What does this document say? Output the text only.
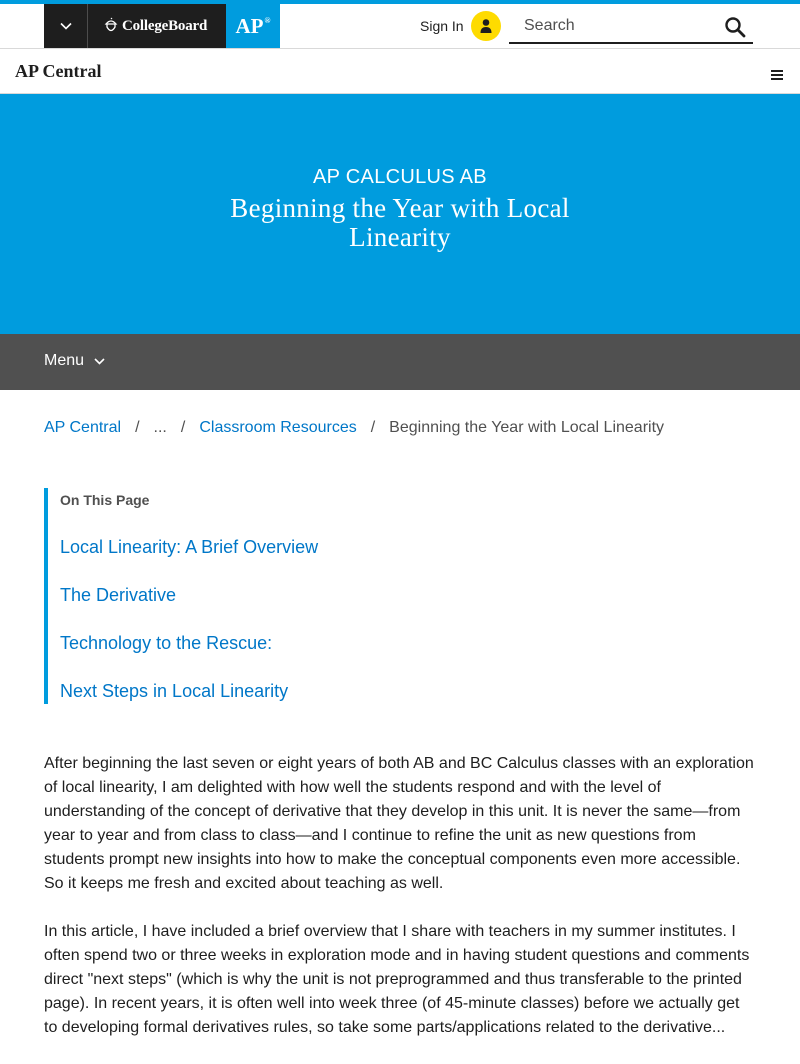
CollegeBoard AP®	Sign In
Search
AP Central
AP CALCULUS AB
Beginning the Year with Local Linearity
Menu
AP Central / ... / Classroom Resources / Beginning the Year with Local Linearity
On This Page
Local Linearity: A Brief Overview
The Derivative
Technology to the Rescue:
Next Steps in Local Linearity

After beginning the last seven or eight years of both AB and BC Calculus classes with an exploration of local linearity, I am delighted with how well the students respond and with the level of understanding of the concept of derivative that they develop in this unit. It is never the same—from year to year and from class to class—and I continue to refine the unit as new questions from students prompt new insights into how to make the conceptual components even more accessible. So it keeps me fresh and excited about teaching as well.

In this article, I have included a brief overview that I share with teachers in my summer institutes. I often spend two or three weeks in exploration mode and in having student questions and comments direct "next steps" (which is why the unit is not preprogrammed and thus transferable to the printed page). In recent years, it is often well into week three (of 45-minute classes) before we actually get to developing formal derivatives rules, so take some parts/applications related to the derivative...
